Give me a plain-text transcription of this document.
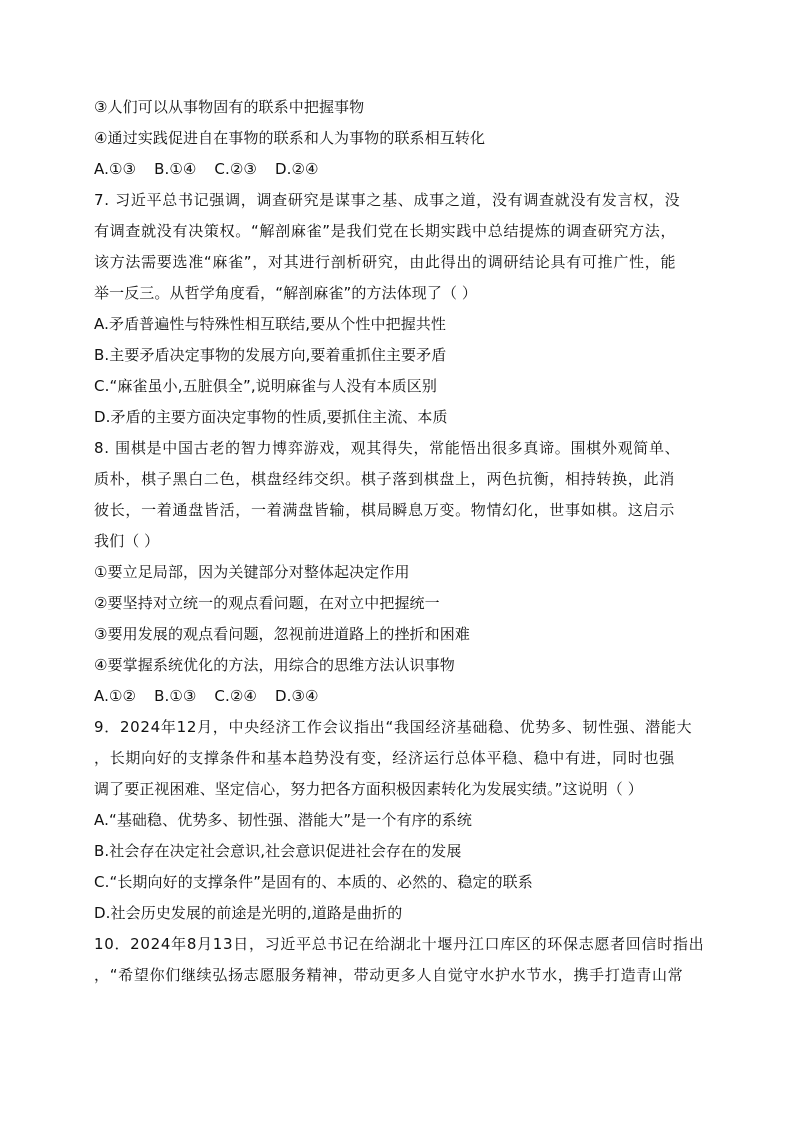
③人们可以从事物固有的联系中把握事物
④通过实践促进自在事物的联系和人为事物的联系相互转化
A.①③ B.①④ C.②③ D.②④
7. 习近平总书记强调，调查研究是谋事之基、成事之道，没有调查就没有发言权，没
有调查就没有决策权。“解剖麻雀”是我们党在长期实践中总结提炼的调查研究方法，
该方法需要选准“麻雀”，对其进行剖析研究，由此得出的调研结论具有可推广性，能
举一反三。从哲学角度看，“解剖麻雀”的方法体现了（ ）
A.矛盾普遍性与特殊性相互联结,要从个性中把握共性
B.主要矛盾决定事物的发展方向,要着重抓住主要矛盾
C.“麻雀虽小,五脏俱全”,说明麻雀与人没有本质区别
D.矛盾的主要方面决定事物的性质,要抓住主流、本质
8. 围棋是中国古老的智力博弈游戏，观其得失，常能悟出很多真谛。围棋外观简单、
质朴，棋子黑白二色，棋盘经纬交织。棋子落到棋盘上，两色抗衡，相持转换，此消
彼长，一着通盘皆活，一着满盘皆输，棋局瞬息万变。物情幻化，世事如棋。这启示
我们（ ）
①要立足局部，因为关键部分对整体起决定作用
②要坚持对立统一的观点看问题，在对立中把握统一
③要用发展的观点看问题，忽视前进道路上的挫折和困难
④要掌握系统优化的方法，用综合的思维方法认识事物
A.①② B.①③ C.②④ D.③④
9．2024年12月，中央经济工作会议指出“我国经济基础稳、优势多、韧性强、潜能大
，长期向好的支撑条件和基本趋势没有变，经济运行总体平稳、稳中有进，同时也强
调了要正视困难、坚定信心，努力把各方面积极因素转化为发展实绩。”这说明（ ）
A.“基础稳、优势多、韧性强、潜能大”是一个有序的系统
B.社会存在决定社会意识,社会意识促进社会存在的发展
C.“长期向好的支撑条件”是固有的、本质的、必然的、稳定的联系
D.社会历史发展的前途是光明的,道路是曲折的
10．2024年8月13日，习近平总书记在给湖北十堰丹江口库区的环保志愿者回信时指出
，“希望你们继续弘扬志愿服务精神，带动更多人自觉守水护水节水，携手打造青山常
